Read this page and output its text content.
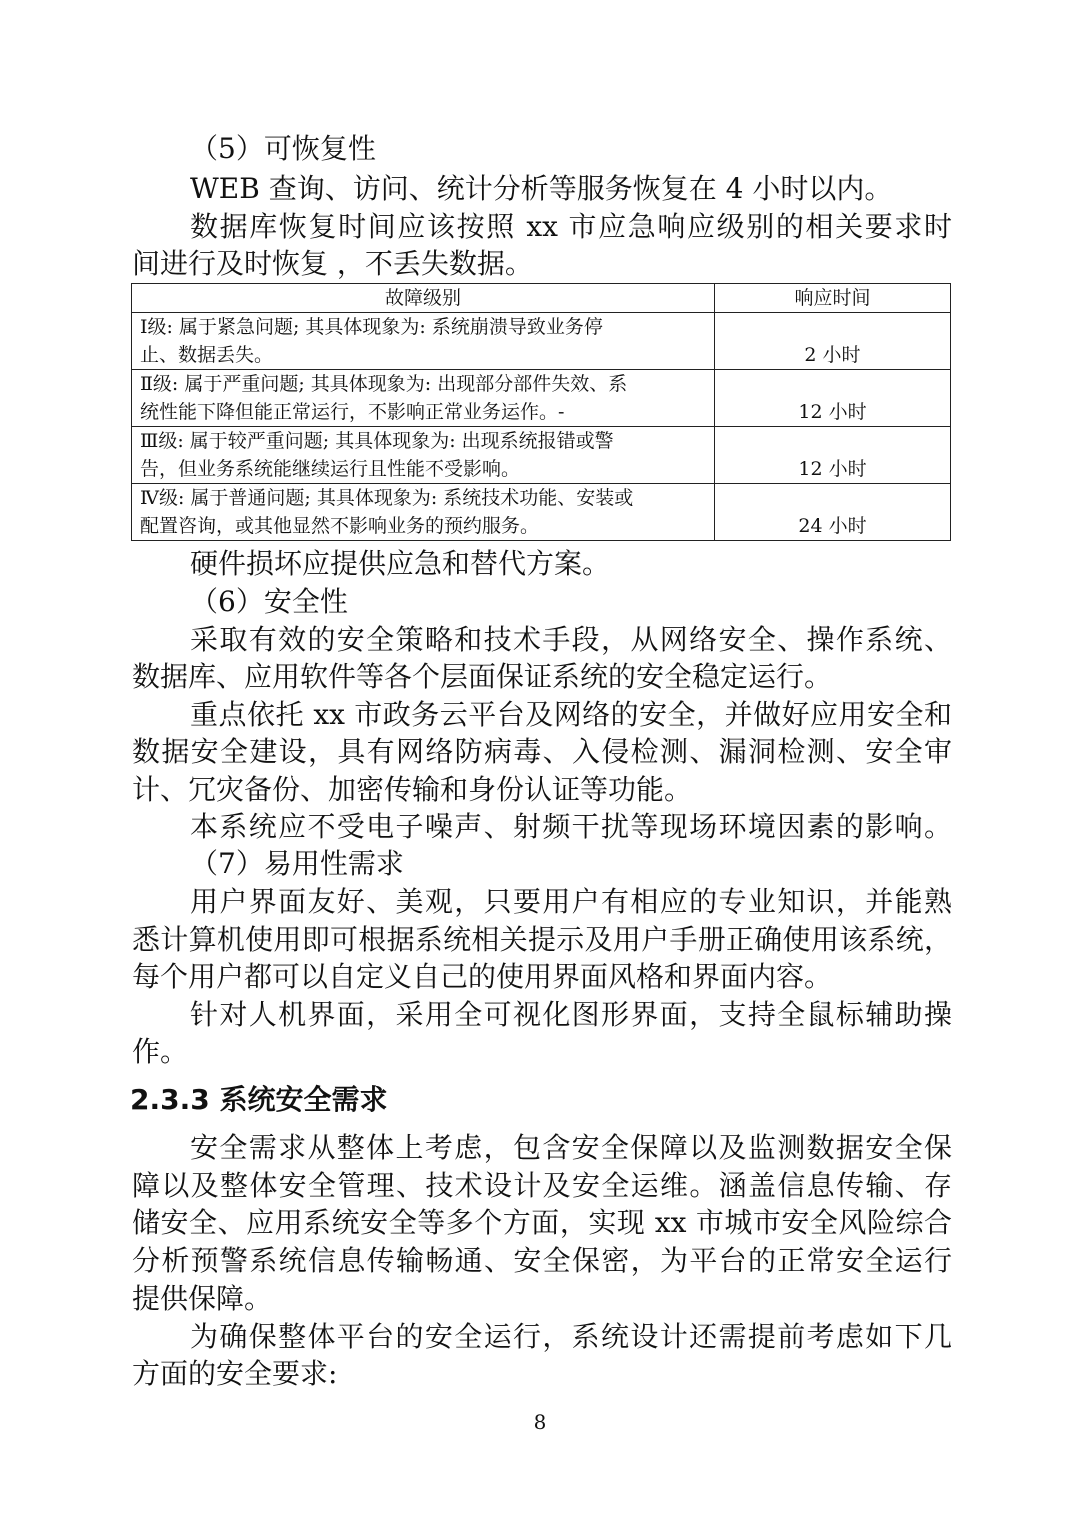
（5）可恢复性
WEB 查询、访问、统计分析等服务恢复在 4 小时以内。
数据库恢复时间应该按照 xx 市应急响应级别的相关要求时
间进行及时恢复 ，不丢失数据。
故障级别	响应时间
Ⅰ级: 属于紧急问题; 其具体现象为: 系统崩溃导致业务停
止、数据丢失。	2 小时
Ⅱ级: 属于严重问题; 其具体现象为: 出现部分部件失效、系
统性能下降但能正常运行，不影响正常业务运作。-	12 小时
Ⅲ级: 属于较严重问题; 其具体现象为: 出现系统报错或警
告，但业务系统能继续运行且性能不受影响。	12 小时
Ⅳ级: 属于普通问题; 其具体现象为: 系统技术功能、安装或
配置咨询，或其他显然不影响业务的预约服务。	24 小时
硬件损坏应提供应急和替代方案。
（6）安全性
采取有效的安全策略和技术手段，从网络安全、操作系统、
数据库、应用软件等各个层面保证系统的安全稳定运行。
重点依托 xx 市政务云平台及网络的安全，并做好应用安全和
数据安全建设，具有网络防病毒、入侵检测、漏洞检测、安全审
计、冗灾备份、加密传输和身份认证等功能。
本系统应不受电子噪声、射频干扰等现场环境因素的影响。
（7）易用性需求
用户界面友好、美观，只要用户有相应的专业知识，并能熟
悉计算机使用即可根据系统相关提示及用户手册正确使用该系统，
每个用户都可以自定义自己的使用界面风格和界面内容。
针对人机界面，采用全可视化图形界面，支持全鼠标辅助操
作。
2.3.3 系统安全需求
安全需求从整体上考虑，包含安全保障以及监测数据安全保
障以及整体安全管理、技术设计及安全运维。涵盖信息传输、存
储安全、应用系统安全等多个方面，实现 xx 市城市安全风险综合
分析预警系统信息传输畅通、安全保密，为平台的正常安全运行
提供保障。
为确保整体平台的安全运行，系统设计还需提前考虑如下几
方面的安全要求:
8
